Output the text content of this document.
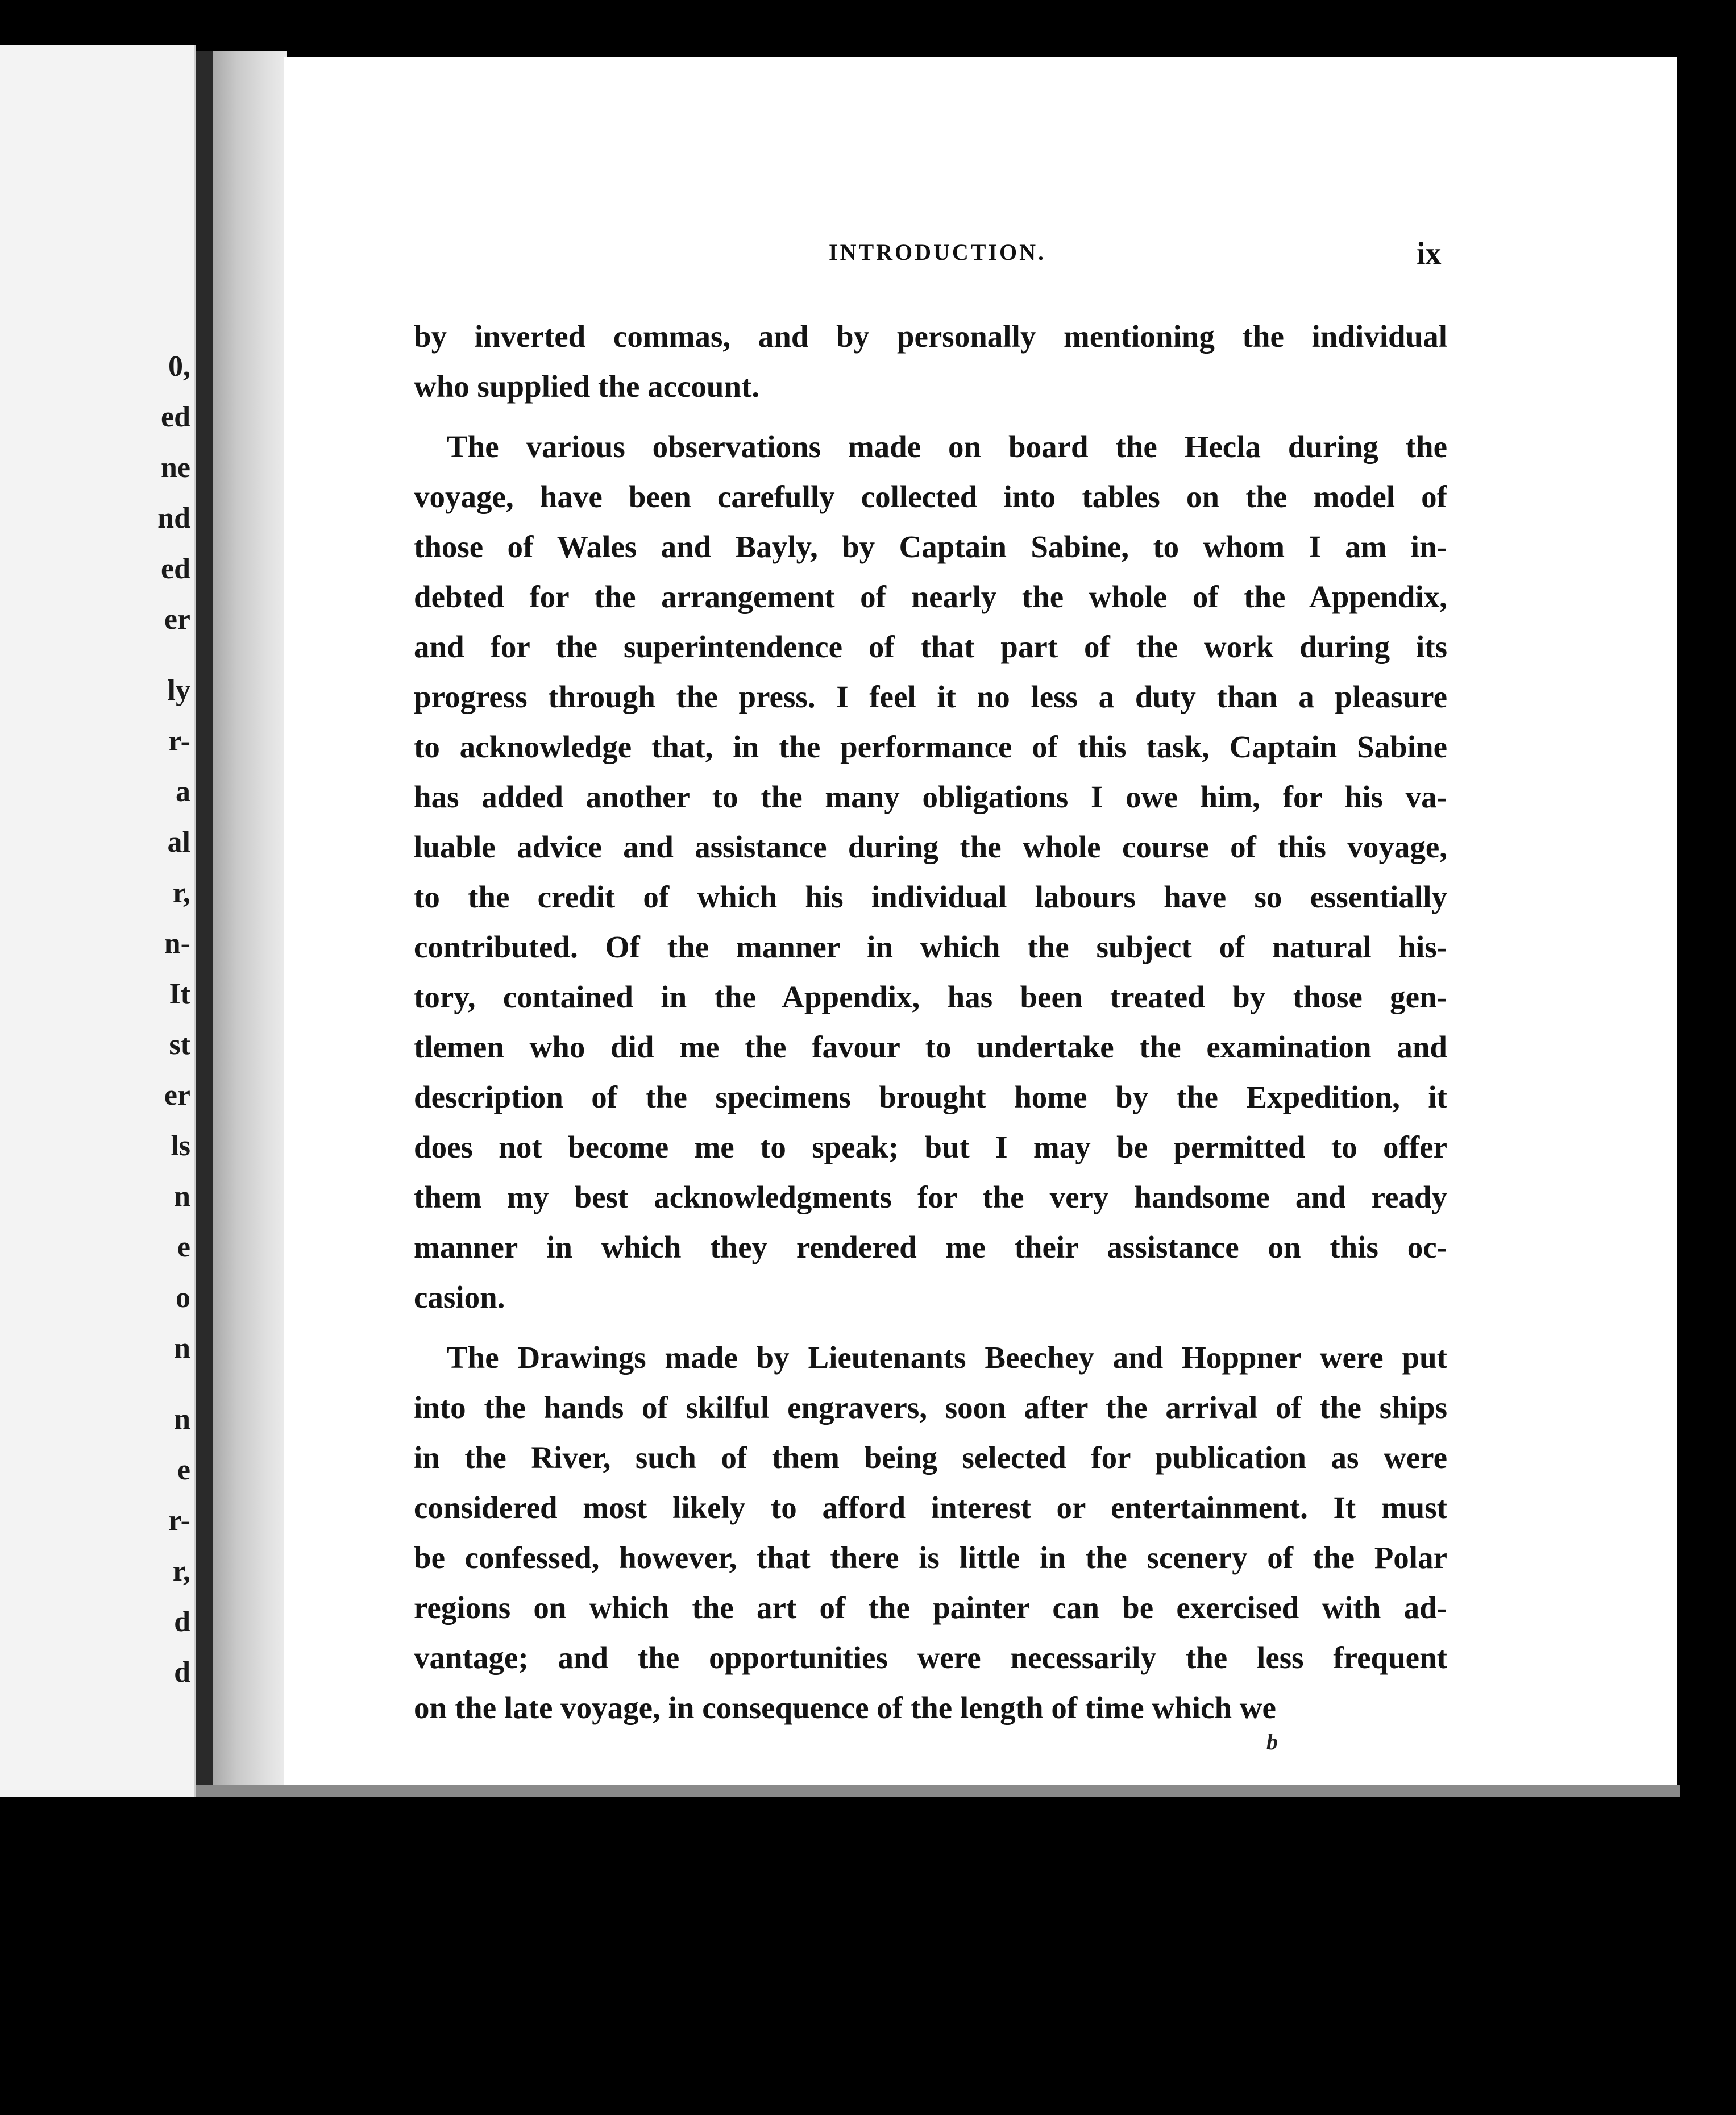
0,
ed
ne
nd
ed
er
ly
r-
a
al
r,
n-
It
st
er
ls
n
e
o
n
n
e
r-
r,
d
d
INTRODUCTION.	ix
by inverted commas, and by personally mentioning the individual
who supplied the account.
The various observations made on board the Hecla during the
voyage, have been carefully collected into tables on the model of
those of Wales and Bayly, by Captain Sabine, to whom I am in-
debted for the arrangement of nearly the whole of the Appendix,
and for the superintendence of that part of the work during its
progress through the press. I feel it no less a duty than a pleasure
to acknowledge that, in the performance of this task, Captain Sabine
has added another to the many obligations I owe him, for his va-
luable advice and assistance during the whole course of this voyage,
to the credit of which his individual labours have so essentially
contributed. Of the manner in which the subject of natural his-
tory, contained in the Appendix, has been treated by those gen-
tlemen who did me the favour to undertake the examination and
description of the specimens brought home by the Expedition, it
does not become me to speak; but I may be permitted to offer
them my best acknowledgments for the very handsome and ready
manner in which they rendered me their assistance on this oc-
casion.
The Drawings made by Lieutenants Beechey and Hoppner were put
into the hands of skilful engravers, soon after the arrival of the ships
in the River, such of them being selected for publication as were
considered most likely to afford interest or entertainment. It must
be confessed, however, that there is little in the scenery of the Polar
regions on which the art of the painter can be exercised with ad-
vantage; and the opportunities were necessarily the less frequent
on the late voyage, in consequence of the length of time which we
b
